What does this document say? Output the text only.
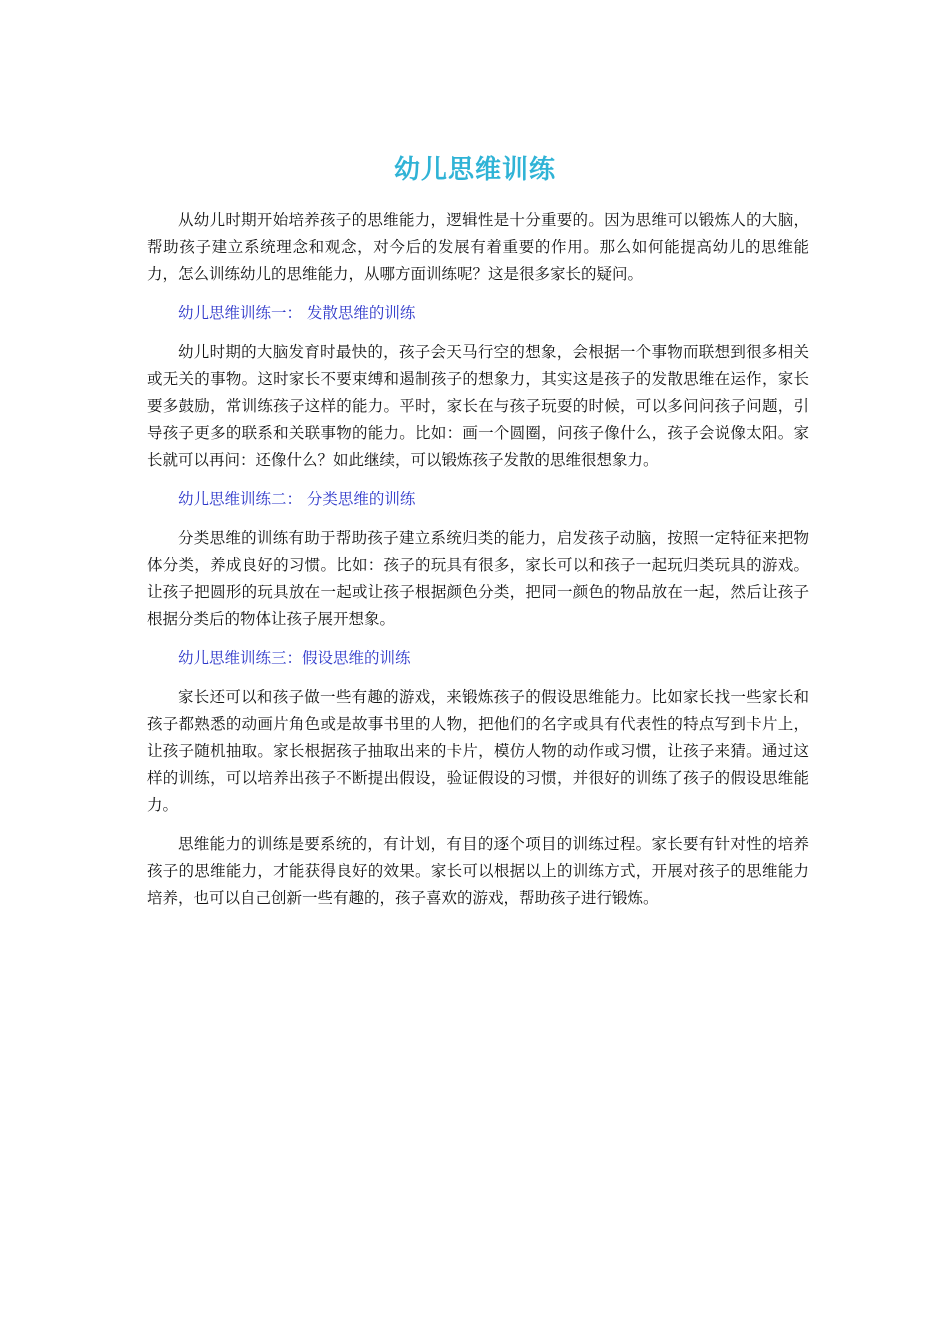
幼儿思维训练

从幼儿时期开始培养孩子的思维能力，逻辑性是十分重要的。因为思维可以锻炼人的大脑，帮助孩子建立系统理念和观念，对今后的发展有着重要的作用。那么如何能提高幼儿的思维能力，怎么训练幼儿的思维能力，从哪方面训练呢？这是很多家长的疑问。

幼儿思维训练一： 发散思维的训练

幼儿时期的大脑发育时最快的，孩子会天马行空的想象，会根据一个事物而联想到很多相关或无关的事物。这时家长不要束缚和遏制孩子的想象力，其实这是孩子的发散思维在运作，家长要多鼓励，常训练孩子这样的能力。平时，家长在与孩子玩耍的时候，可以多问问孩子问题，引导孩子更多的联系和关联事物的能力。比如：画一个圆圈，问孩子像什么，孩子会说像太阳。家长就可以再问：还像什么？如此继续，可以锻炼孩子发散的思维很想象力。

幼儿思维训练二： 分类思维的训练

分类思维的训练有助于帮助孩子建立系统归类的能力，启发孩子动脑，按照一定特征来把物体分类，养成良好的习惯。比如：孩子的玩具有很多，家长可以和孩子一起玩归类玩具的游戏。让孩子把圆形的玩具放在一起或让孩子根据颜色分类，把同一颜色的物品放在一起，然后让孩子根据分类后的物体让孩子展开想象。

幼儿思维训练三：假设思维的训练

家长还可以和孩子做一些有趣的游戏，来锻炼孩子的假设思维能力。比如家长找一些家长和孩子都熟悉的动画片角色或是故事书里的人物，把他们的名字或具有代表性的特点写到卡片上，让孩子随机抽取。家长根据孩子抽取出来的卡片，模仿人物的动作或习惯，让孩子来猜。通过这样的训练，可以培养出孩子不断提出假设，验证假设的习惯，并很好的训练了孩子的假设思维能力。

思维能力的训练是要系统的，有计划，有目的逐个项目的训练过程。家长要有针对性的培养孩子的思维能力，才能获得良好的效果。家长可以根据以上的训练方式，开展对孩子的思维能力培养，也可以自己创新一些有趣的，孩子喜欢的游戏，帮助孩子进行锻炼。
